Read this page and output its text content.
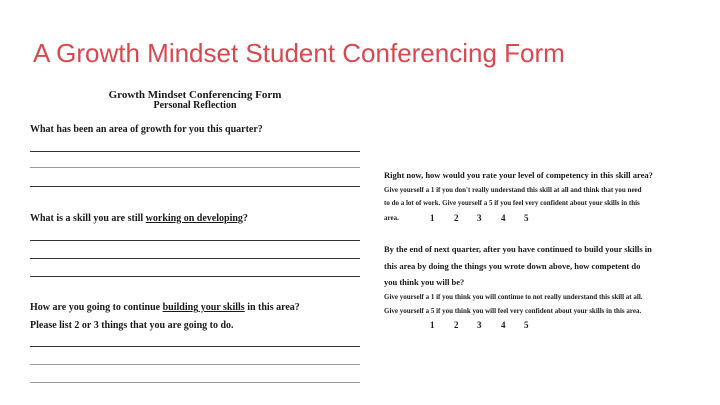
A Growth Mindset Student Conferencing Form
Growth Mindset Conferencing Form
Personal Reflection
What has been an area of growth for you this quarter?
What is a skill you are still working on developing?
How are you going to continue building your skills in this area?
Please list 2 or 3 things that you are going to do.
Right now, how would you rate your level of competency in this skill area?
Give yourself a 1 if you don't really understand this skill at all and think that you need
to do a lot of work. Give yourself a 5 if you feel very confident about your skills in this
area.	1 2 3 4 5
By the end of next quarter, after you have continued to build your skills in
this area by doing the things you wrote down above, how competent do
you think you will be?
Give yourself a 1 if you think you will continue to not really understand this skill at all.
Give yourself a 5 if you think you will feel very confident about your skills in this area.
1 2 3 4 5
